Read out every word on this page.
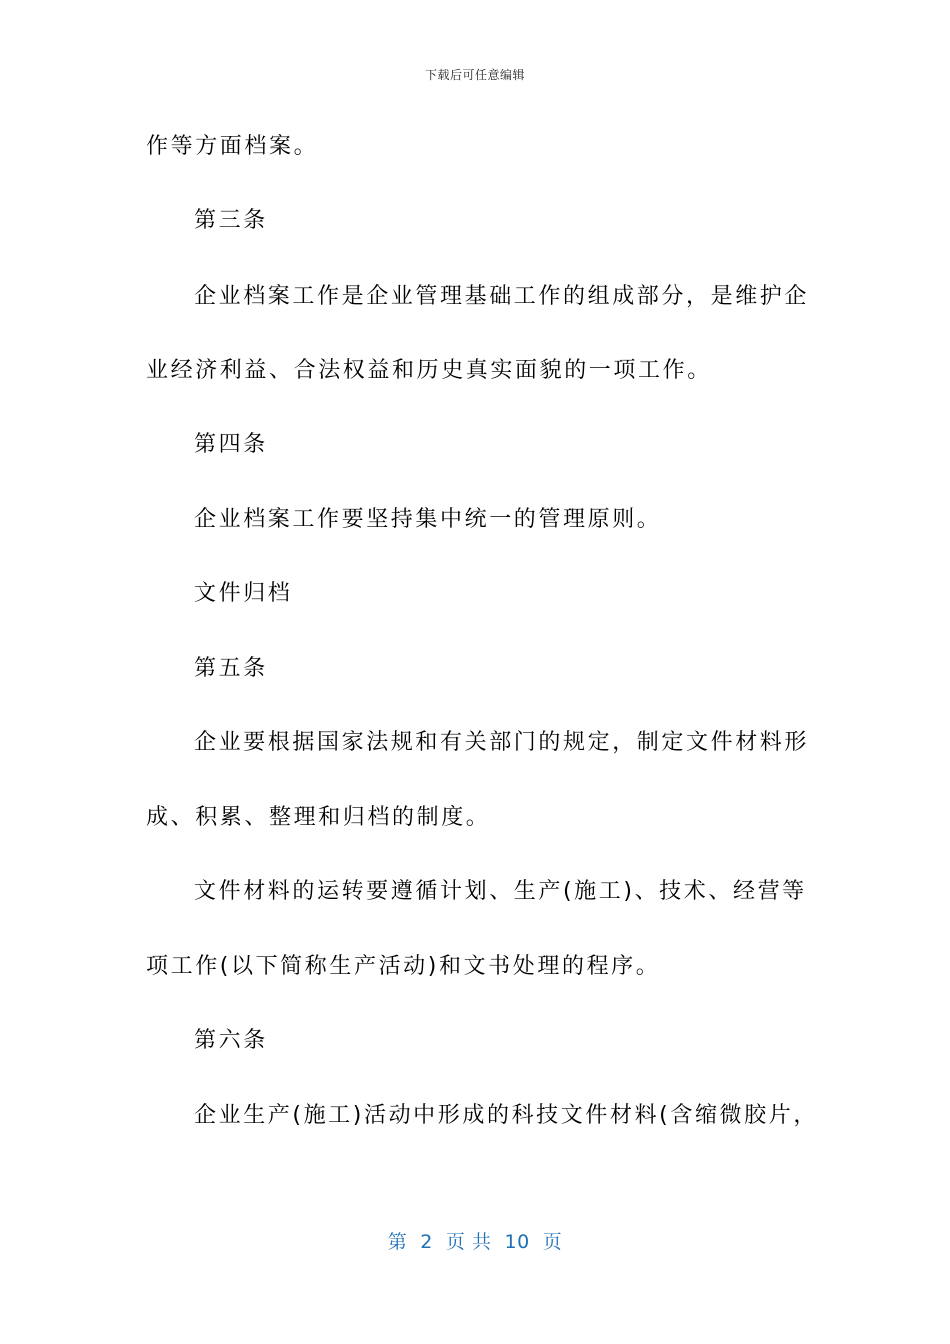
下载后可任意编辑

作等方面档案。

第三条

企业档案工作是企业管理基础工作的组成部分，是维护企

业经济利益、合法权益和历史真实面貌的一项工作。

第四条

企业档案工作要坚持集中统一的管理原则。

文件归档

第五条

企业要根据国家法规和有关部门的规定，制定文件材料形

成、积累、整理和归档的制度。

文件材料的运转要遵循计划、生产(施工)、技术、经营等

项工作(以下简称生产活动)和文书处理的程序。

第六条

企业生产(施工)活动中形成的科技文件材料(含缩微胶片，

第  2  页 共  10  页
